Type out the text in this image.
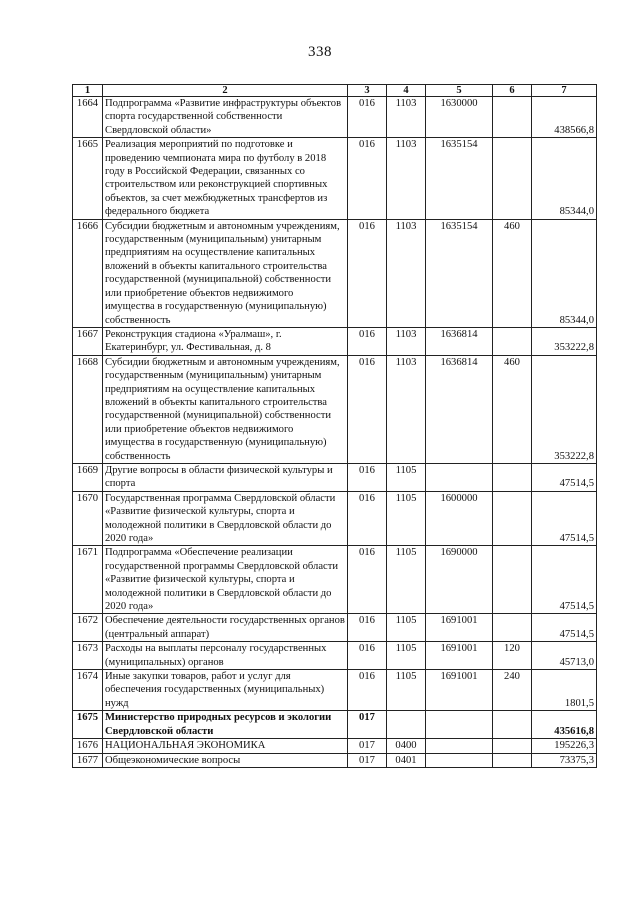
338
1	2	3	4	5	6	7
1664	Подпрограмма «Развитие инфраструктуры объектов спорта государственной собственности Свердловской области»	016	1103	1630000		438566,8
1665	Реализация мероприятий по подготовке и проведению чемпионата мира по футболу в 2018 году в Российской Федерации, связанных со строительством или реконструкцией спортивных объектов, за счет межбюджетных трансфертов из федерального бюджета	016	1103	1635154		85344,0
1666	Субсидии бюджетным и автономным учреждениям, государственным (муниципальным) унитарным предприятиям на осуществление капитальных вложений в объекты капитального строительства государственной (муниципальной) собственности или приобретение объектов недвижимого имущества в государственную (муниципальную) собственность	016	1103	1635154	460	85344,0
1667	Реконструкция стадиона «Уралмаш», г. Екатеринбург, ул. Фестивальная, д. 8	016	1103	1636814		353222,8
1668	Субсидии бюджетным и автономным учреждениям, государственным (муниципальным) унитарным предприятиям на осуществление капитальных вложений в объекты капитального строительства государственной (муниципальной) собственности или приобретение объектов недвижимого имущества в государственную (муниципальную) собственность	016	1103	1636814	460	353222,8
1669	Другие вопросы в области физической культуры и спорта	016	1105			47514,5
1670	Государственная программа Свердловской области «Развитие физической культуры, спорта и молодежной политики в Свердловской области до 2020 года»	016	1105	1600000		47514,5
1671	Подпрограмма «Обеспечение реализации государственной программы Свердловской области «Развитие физической культуры, спорта и молодежной политики в Свердловской области до 2020 года»	016	1105	1690000		47514,5
1672	Обеспечение деятельности государственных органов (центральный аппарат)	016	1105	1691001		47514,5
1673	Расходы на выплаты персоналу государственных (муниципальных) органов	016	1105	1691001	120	45713,0
1674	Иные закупки товаров, работ и услуг для обеспечения государственных (муниципальных) нужд	016	1105	1691001	240	1801,5
1675	Министерство природных ресурсов и экологии Свердловской области	017				435616,8
1676	НАЦИОНАЛЬНАЯ ЭКОНОМИКА	017	0400			195226,3
1677	Общеэкономические вопросы	017	0401			73375,3
